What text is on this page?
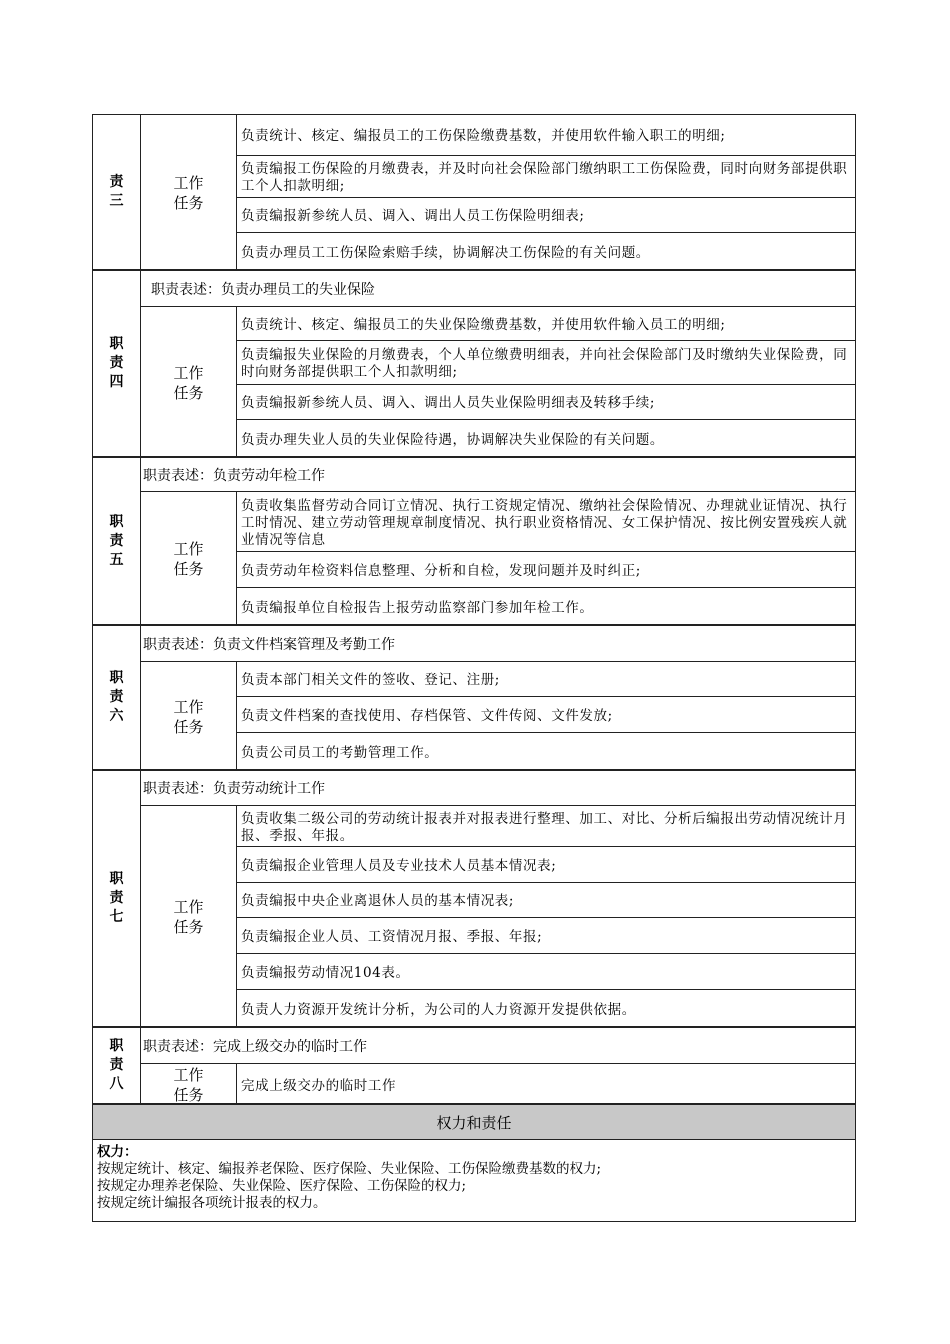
责三
工作任务
负责统计、核定、编报员工的工伤保险缴费基数，并使用软件输入职工的明细;
负责编报工伤保险的月缴费表，并及时向社会保险部门缴纳职工工伤保险费，同时向财务部提供职工个人扣款明细;
负责编报新参统人员、调入、调出人员工伤保险明细表;
负责办理员工工伤保险索赔手续，协调解决工伤保险的有关问题。
职责四
职责表述：负责办理员工的失业保险
工作任务
负责统计、核定、编报员工的失业保险缴费基数，并使用软件输入员工的明细;
负责编报失业保险的月缴费表，个人单位缴费明细表，并向社会保险部门及时缴纳失业保险费，同时向财务部提供职工个人扣款明细;
负责编报新参统人员、调入、调出人员失业保险明细表及转移手续;
负责办理失业人员的失业保险待遇，协调解决失业保险的有关问题。
职责五
职责表述：负责劳动年检工作
工作任务
负责收集监督劳动合同订立情况、执行工资规定情况、缴纳社会保险情况、办理就业证情况、执行工时情况、建立劳动管理规章制度情况、执行职业资格情况、女工保护情况、按比例安置残疾人就业情况等信息
负责劳动年检资料信息整理、分析和自检，发现问题并及时纠正;
负责编报单位自检报告上报劳动监察部门参加年检工作。
职责六
职责表述：负责文件档案管理及考勤工作
工作任务
负责本部门相关文件的签收、登记、注册;
负责文件档案的查找使用、存档保管、文件传阅、文件发放;
负责公司员工的考勤管理工作。
职责七
职责表述：负责劳动统计工作
工作任务
负责收集二级公司的劳动统计报表并对报表进行整理、加工、对比、分析后编报出劳动情况统计月报、季报、年报。
负责编报企业管理人员及专业技术人员基本情况表;
负责编报中央企业离退休人员的基本情况表;
负责编报企业人员、工资情况月报、季报、年报;
负责编报劳动情况104表。
负责人力资源开发统计分析，为公司的人力资源开发提供依据。
职责八
职责表述：完成上级交办的临时工作
工作任务	完成上级交办的临时工作
权力和责任
权力：
按规定统计、核定、编报养老保险、医疗保险、失业保险、工伤保险缴费基数的权力;
按规定办理养老保险、失业保险、医疗保险、工伤保险的权力;
按规定统计编报各项统计报表的权力。
